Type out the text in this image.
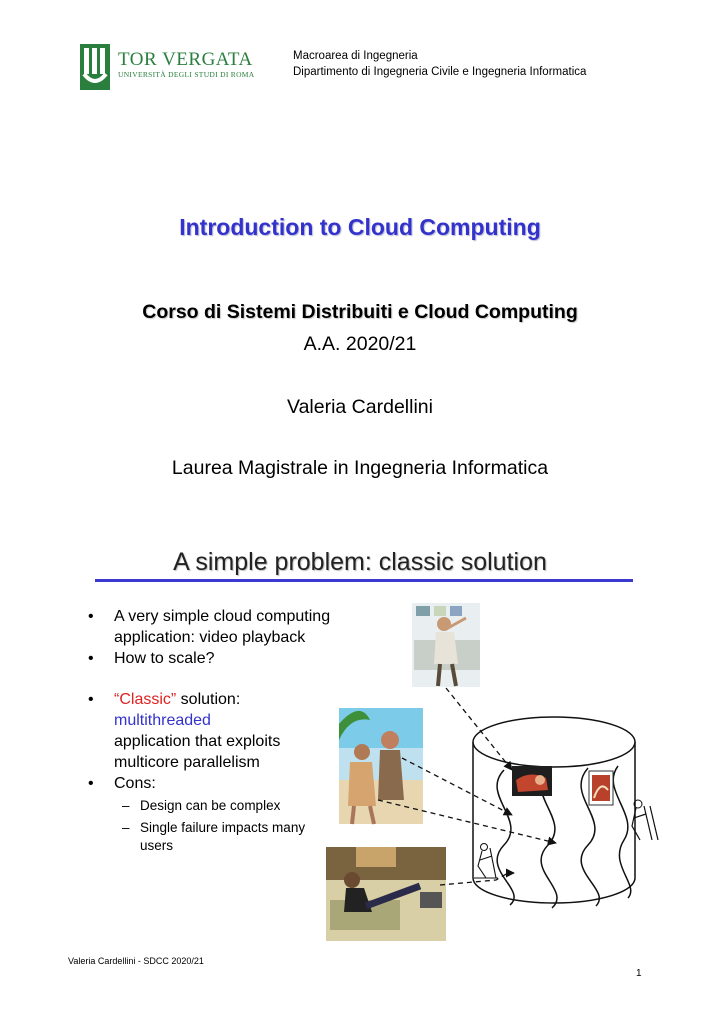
TOR VERGATA
UNIVERSITÀ DEGLI STUDI DI ROMA
Macroarea di Ingegneria
Dipartimento di Ingegneria Civile e Ingegneria Informatica
Introduction to Cloud Computing
Corso di Sistemi Distribuiti e Cloud Computing
A.A. 2020/21
Valeria Cardellini
Laurea Magistrale in Ingegneria Informatica
A simple problem: classic solution
• A very simple cloud computing application: video playback
• How to scale?
• “Classic” solution:
multithreaded
application that exploits multicore parallelism
• Cons:
– Design can be complex
– Single failure impacts many users
Valeria Cardellini - SDCC 2020/21
1
